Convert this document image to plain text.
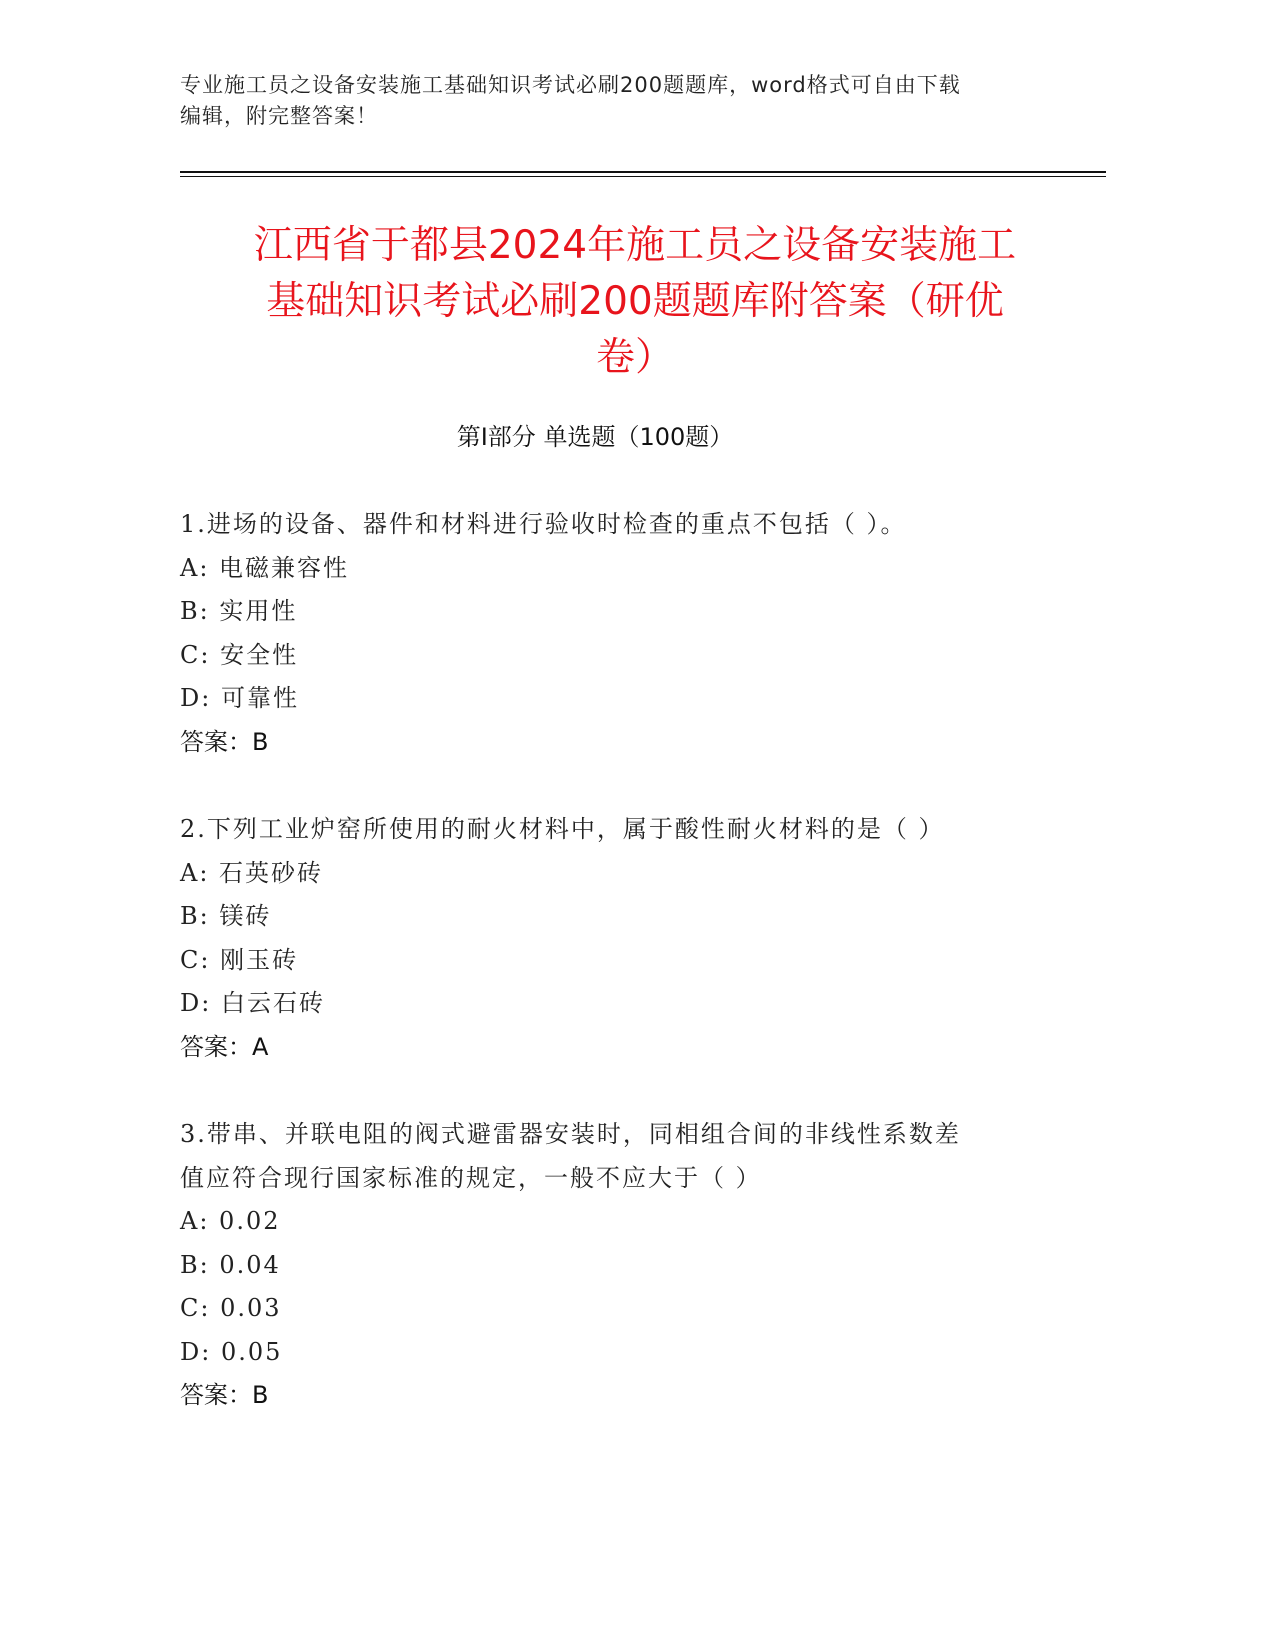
专业施工员之设备安装施工基础知识考试必刷200题题库，word格式可自由下载
编辑，附完整答案！
江西省于都县2024年施工员之设备安装施工
基础知识考试必刷200题题库附答案（研优
卷）
第I部分 单选题（100题）
1.进场的设备、器件和材料进行验收时检查的重点不包括（ ）。
A: 电磁兼容性
B: 实用性
C: 安全性
D: 可靠性
答案：B
2.下列工业炉窑所使用的耐火材料中，属于酸性耐火材料的是（ ）
A: 石英砂砖
B: 镁砖
C: 刚玉砖
D: 白云石砖
答案：A
3.带串、并联电阻的阀式避雷器安装时，同相组合间的非线性系数差
值应符合现行国家标准的规定，一般不应大于（ ）
A: 0.02
B: 0.04
C: 0.03
D: 0.05
答案：B
